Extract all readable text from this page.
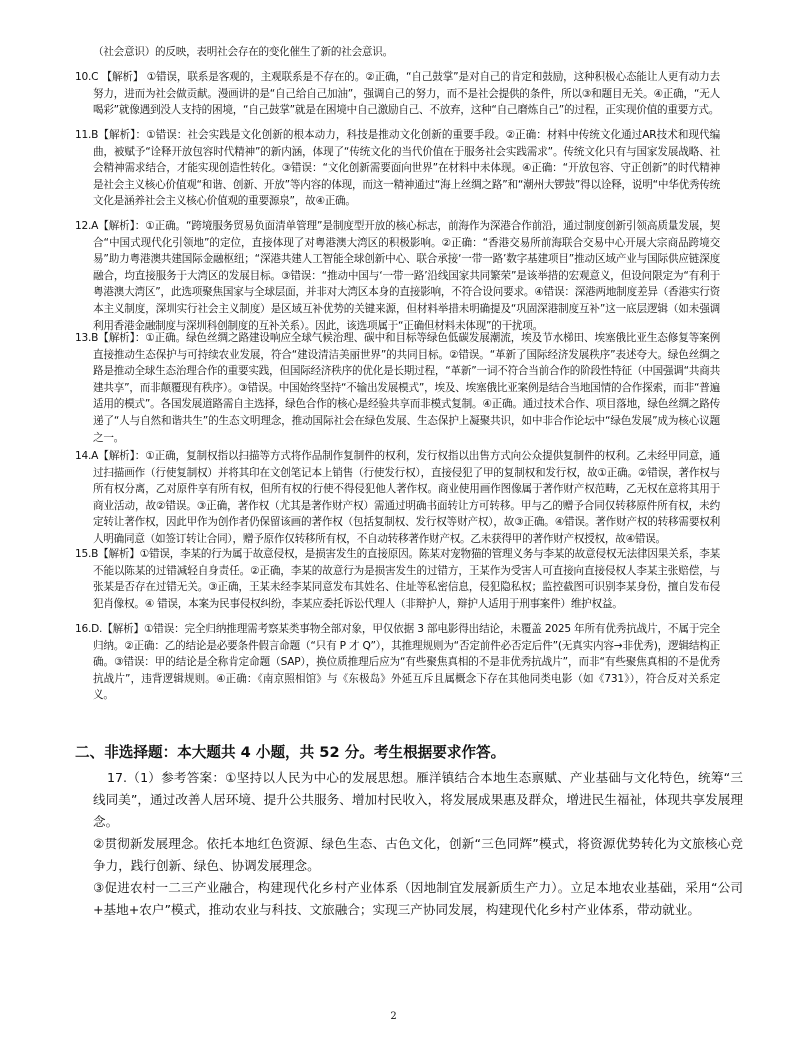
（社会意识）的反映，表明社会存在的变化催生了新的社会意识。

10.C 【解析】 ①错误，联系是客观的，主观联系是不存在的。②正确，“自己鼓掌”是对自己的肯定和鼓励，这种积极心态能让人更有动力去努力，进而为社会做贡献。漫画讲的是“自己给自己加油”，强调自己的努力，而不是社会提供的条件，所以③和题目无关。④正确，“无人喝彩”就像遇到没人支持的困境，“自己鼓掌”就是在困境中自己激励自己、不放弃，这种“自己磨炼自己”的过程，正实现价值的重要方式。

11.B【解析】：①错误：社会实践是文化创新的根本动力，科技是推动文化创新的重要手段。②正确：材料中传统文化通过AR技术和现代编曲，被赋予“诠释开放包容时代精神”的新内涵，体现了“传统文化的当代价值在于服务社会实践需求”。传统文化只有与国家发展战略、社会精神需求结合，才能实现创造性转化。③错误：“文化创新需要面向世界”在材料中未体现。④正确：“开放包容、守正创新”的时代精神是社会主义核心价值观“和谐、创新、开放”等内容的体现，而这一精神通过“海上丝绸之路”和“潮州大锣鼓”得以诠释，说明“中华优秀传统文化是涵养社会主义核心价值观的重要源泉”，故④正确。

12.A【解析】：①正确。“跨境服务贸易负面清单管理”是制度型开放的核心标志，前海作为深港合作前沿，通过制度创新引领高质量发展，契合“中国式现代化引领地”的定位，直接体现了对粤港澳大湾区的积极影响。②正确：“香港交易所前海联合交易中心开展大宗商品跨境交易”助力粤港澳共建国际金融枢纽；“深港共建人工智能全球创新中心、联合承接‘一带一路’数字基建项目”推动区域产业与国际供应链深度融合，均直接服务于大湾区的发展目标。③错误：“推动中国与‘一带一路’沿线国家共同繁荣”是该举措的宏观意义，但设问限定为“有利于粤港澳大湾区”，此选项聚焦国家与全球层面，并非对大湾区本身的直接影响，不符合设问要求。④错误：深港两地制度差异（香港实行资本主义制度，深圳实行社会主义制度）是区域互补优势的关键来源，但材料举措未明确提及“巩固深港制度互补”这一底层逻辑（如未强调利用香港金融制度与深圳科创制度的互补关系）。因此，该选项属于“正确但材料未体现”的干扰项。

13.B【解析】：①正确。绿色丝绸之路建设响应全球气候治理、碳中和目标等绿色低碳发展潮流，埃及节水梯田、埃塞俄比亚生态修复等案例直接推动生态保护与可持续农业发展，符合“建设清洁美丽世界”的共同目标。②错误。“革新了国际经济发展秩序”表述夸大。绿色丝绸之路是推动全球生态治理合作的重要实践，但国际经济秩序的优化是长期过程，“革新”一词不符合当前合作的阶段性特征（中国强调“共商共建共享”，而非颠覆现有秩序）。③错误。中国始终坚持“不输出发展模式”，埃及、埃塞俄比亚案例是结合当地国情的合作探索，而非“普遍适用的模式”。各国发展道路需自主选择，绿色合作的核心是经验共享而非模式复制。④正确。通过技术合作、项目落地，绿色丝绸之路传递了“人与自然和谐共生”的生态文明理念，推动国际社会在绿色发展、生态保护上凝聚共识，如中非合作论坛中“绿色发展”成为核心议题之一。

14.A【解析】：①正确，复制权指以扫描等方式将作品制作复制件的权利，发行权指以出售方式向公众提供复制件的权利。乙未经甲同意，通过扫描画作（行使复制权）并将其印在文创笔记本上销售（行使发行权），直接侵犯了甲的复制权和发行权，故①正确。②错误，著作权与所有权分离，乙对原件享有所有权，但所有权的行使不得侵犯他人著作权。商业使用画作图像属于著作财产权范畴，乙无权在意将其用于商业活动，故②错误。③正确，著作权（尤其是著作财产权）需通过明确书面转让方可转移。甲与乙的赠予合同仅转移原件所有权，未约定转让著作权，因此甲作为创作者仍保留该画的著作权（包括复制权、发行权等财产权），故③正确。④错误。著作财产权的转移需要权利人明确同意（如签订转让合同），赠予原作仅转移所有权，不自动转移著作财产权。乙未获得甲的著作财产权授权，故④错误。

15.B【解析】①错误，李某的行为属于故意侵权，是损害发生的直接原因。陈某对宠物猫的管理义务与李某的故意侵权无法律因果关系，李某不能以陈某的过错减轻自身责任。②正确，李某的故意行为是损害发生的过错方，王某作为受害人可直接向直接侵权人李某主张赔偿，与张某是否存在过错无关。③正确，王某未经李某同意发布其姓名、住址等私密信息，侵犯隐私权；监控截图可识别李某身份，擅自发布侵犯肖像权。④ 错误，本案为民事侵权纠纷，李某应委托诉讼代理人（非辩护人，辩护人适用于刑事案件）维护权益。

16.D.【解析】①错误：完全归纳推理需考察某类事物全部对象，甲仅依据 3 部电影得出结论，未覆盖 2025 年所有优秀抗战片，不属于完全归纳。②正确：乙的结论是必要条件假言命题（“只有 P 才 Q”），其推理规则为“否定前件必否定后件”(无真实内容→非优秀)，逻辑结构正确。③错误：甲的结论是全称肯定命题（SAP），换位质推理后应为“有些聚焦真相的不是非优秀抗战片”，而非“有些聚焦真相的不是优秀抗战片”，违背逻辑规则。④正确：《南京照相馆》与《东极岛》外延互斥且属概念下存在其他同类电影（如《731》），符合反对关系定义。

二、非选择题：本大题共 4 小题，共 52 分。考生根据要求作答。

17.（1）参考答案：①坚持以人民为中心的发展思想。雁洋镇结合本地生态禀赋、产业基础与文化特色，统筹“三线同美”，通过改善人居环境、提升公共服务、增加村民收入，将发展成果惠及群众，增进民生福祉，体现共享发展理念。

②贯彻新发展理念。依托本地红色资源、绿色生态、古色文化，创新“三色同辉”模式，将资源优势转化为文旅核心竞争力，践行创新、绿色、协调发展理念。

③促进农村一二三产业融合，构建现代化乡村产业体系（因地制宜发展新质生产力）。立足本地农业基础，采用“公司+基地+农户”模式，推动农业与科技、文旅融合；实现三产协同发展，构建现代化乡村产业体系，带动就业。

2
